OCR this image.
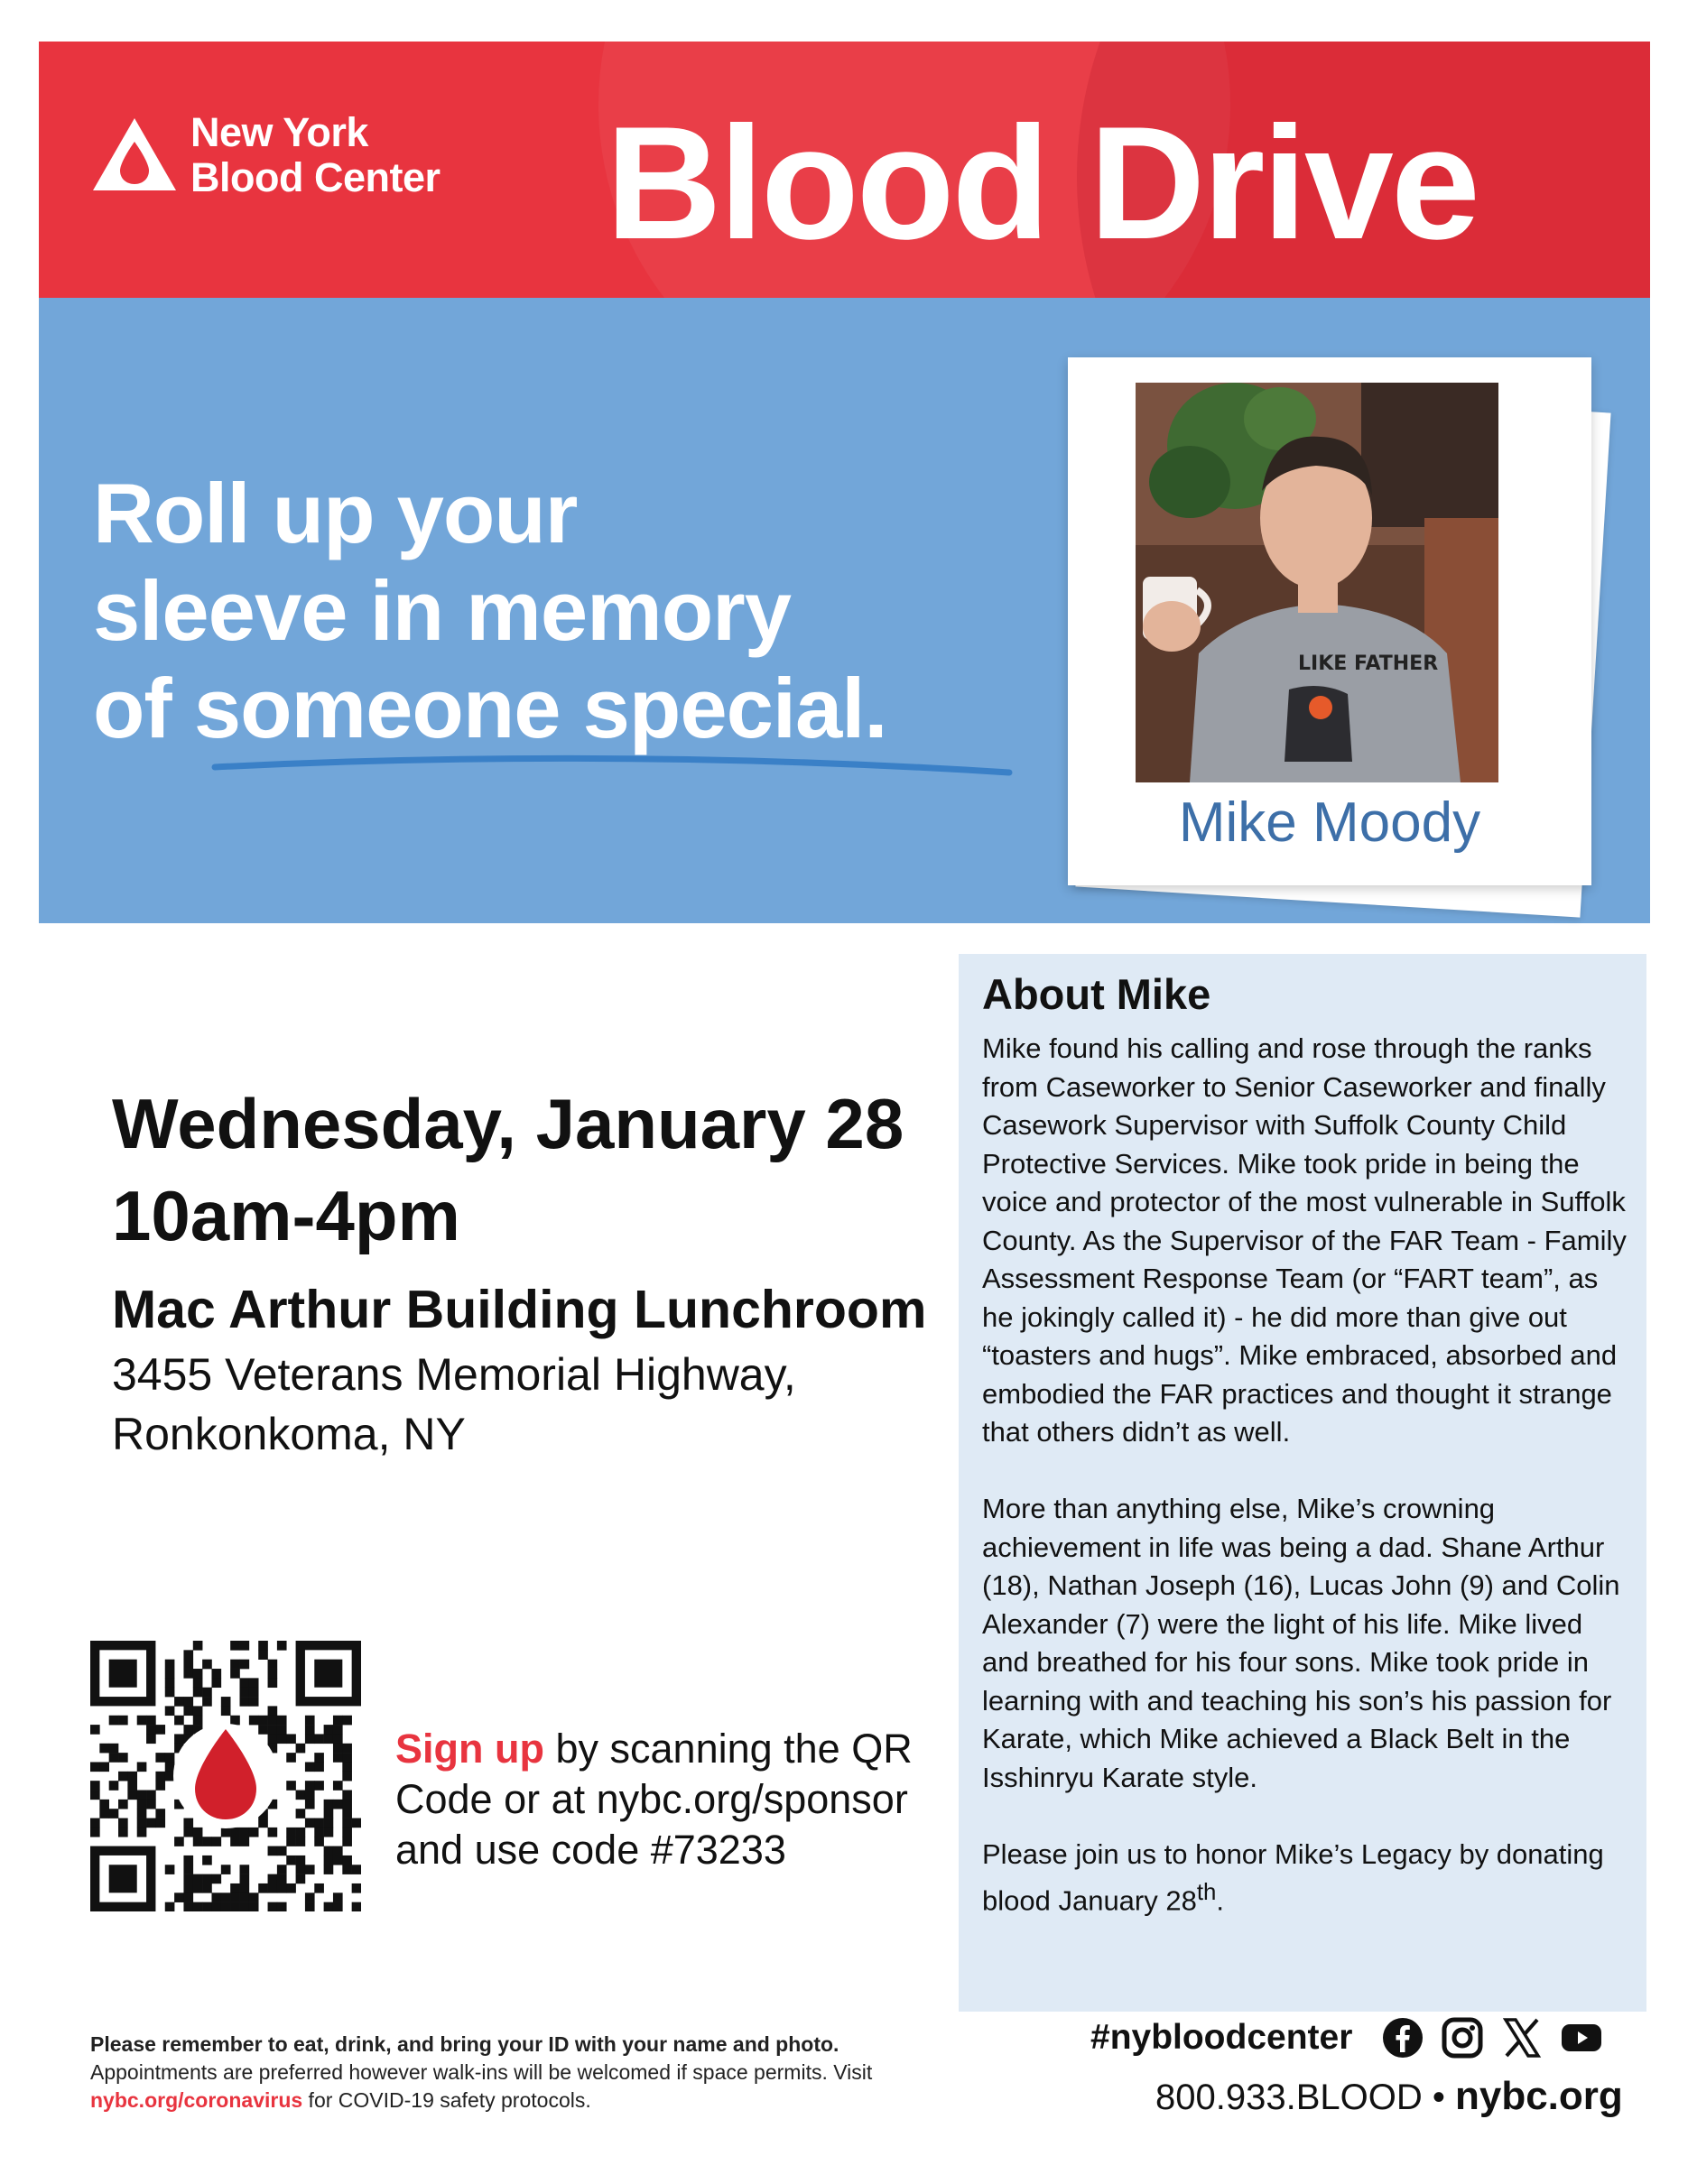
New York
Blood Center Blood Drive
Roll up your
sleeve in memory
of someone special.	LIKE FATHER
Mike Moody
Wednesday, January 28
10am-4pm
Mac Arthur Building Lunchroom
3455 Veterans Memorial Highway,
Ronkonkoma, NY
Sign up by scanning the QR Code or at nybc.org/sponsor and use code #73233
About Mike

Mike found his calling and rose through the ranks from Caseworker to Senior Caseworker and finally Casework Supervisor with Suffolk County Child Protective Services. Mike took pride in being the voice and protector of the most vulnerable in Suffolk County. As the Supervisor of the FAR Team - Family Assessment Response Team (or “FART team”, as he jokingly called it) - he did more than give out “toasters and hugs”. Mike embraced, absorbed and embodied the FAR practices and thought it strange that others didn’t as well.

More than anything else, Mike’s crowning achievement in life was being a dad. Shane Arthur (18), Nathan Joseph (16), Lucas John (9) and Colin Alexander (7) were the light of his life. Mike lived and breathed for his four sons. Mike took pride in learning with and teaching his son’s his passion for Karate, which Mike achieved a Black Belt in the Isshinryu Karate style.

Please join us to honor Mike’s Legacy by donating blood January 28th.

Please remember to eat, drink, and bring your ID with your name and photo. Appointments are preferred however walk-ins will be welcomed if space permits. Visit nybc.org/coronavirus for COVID-19 safety protocols.
#nybloodcenter
800.933.BLOOD • nybc.org
